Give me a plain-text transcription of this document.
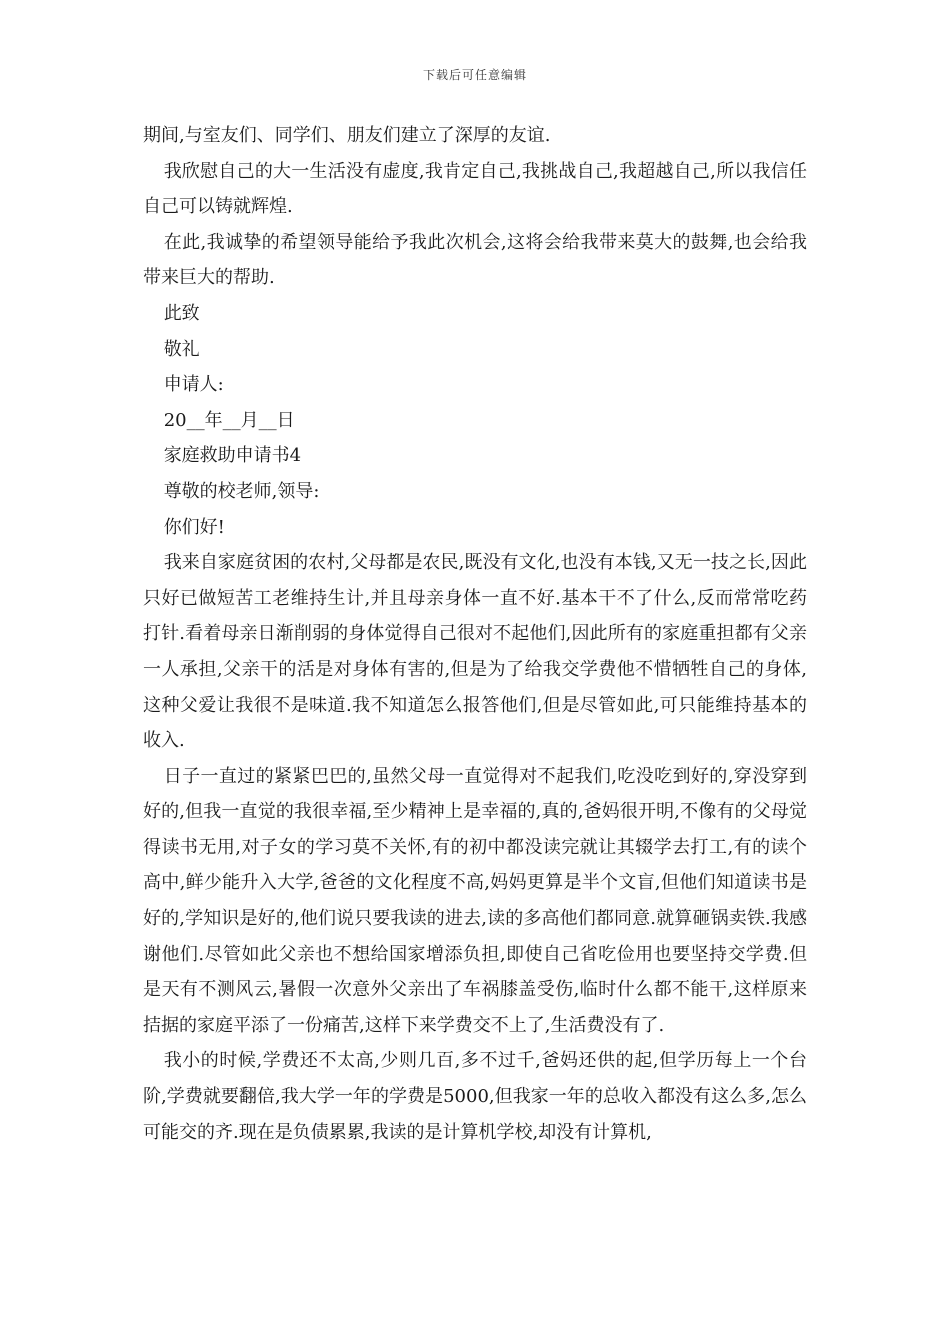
下载后可任意编辑

期间,与室友们、同学们、朋友们建立了深厚的友谊.

我欣慰自己的大一生活没有虚度,我肯定自己,我挑战自己,我超越自己,所以我信任自己可以铸就辉煌.

在此,我诚挚的希望领导能给予我此次机会,这将会给我带来莫大的鼓舞,也会给我带来巨大的帮助.

此致

敬礼

申请人:

20__年__月__日

家庭救助申请书4

尊敬的校老师,领导:

你们好!

我来自家庭贫困的农村,父母都是农民,既没有文化,也没有本钱,又无一技之长,因此只好已做短苦工老维持生计,并且母亲身体一直不好.基本干不了什么,反而常常吃药打针.看着母亲日渐削弱的身体觉得自己很对不起他们,因此所有的家庭重担都有父亲一人承担,父亲干的活是对身体有害的,但是为了给我交学费他不惜牺牲自己的身体,这种父爱让我很不是味道.我不知道怎么报答他们,但是尽管如此,可只能维持基本的收入.

日子一直过的紧紧巴巴的,虽然父母一直觉得对不起我们,吃没吃到好的,穿没穿到好的,但我一直觉的我很幸福,至少精神上是幸福的,真的,爸妈很开明,不像有的父母觉得读书无用,对子女的学习莫不关怀,有的初中都没读完就让其辍学去打工,有的读个高中,鲜少能升入大学,爸爸的文化程度不高,妈妈更算是半个文盲,但他们知道读书是好的,学知识是好的,他们说只要我读的进去,读的多高他们都同意.就算砸锅卖铁.我感谢他们.尽管如此父亲也不想给国家增添负担,即使自己省吃俭用也要坚持交学费.但是天有不测风云,暑假一次意外父亲出了车祸膝盖受伤,临时什么都不能干,这样原来拮据的家庭平添了一份痛苦,这样下来学费交不上了,生活费没有了.

我小的时候,学费还不太高,少则几百,多不过千,爸妈还供的起,但学历每上一个台阶,学费就要翻倍,我大学一年的学费是5000,但我家一年的总收入都没有这么多,怎么可能交的齐.现在是负债累累,我读的是计算机学校,却没有计算机,
